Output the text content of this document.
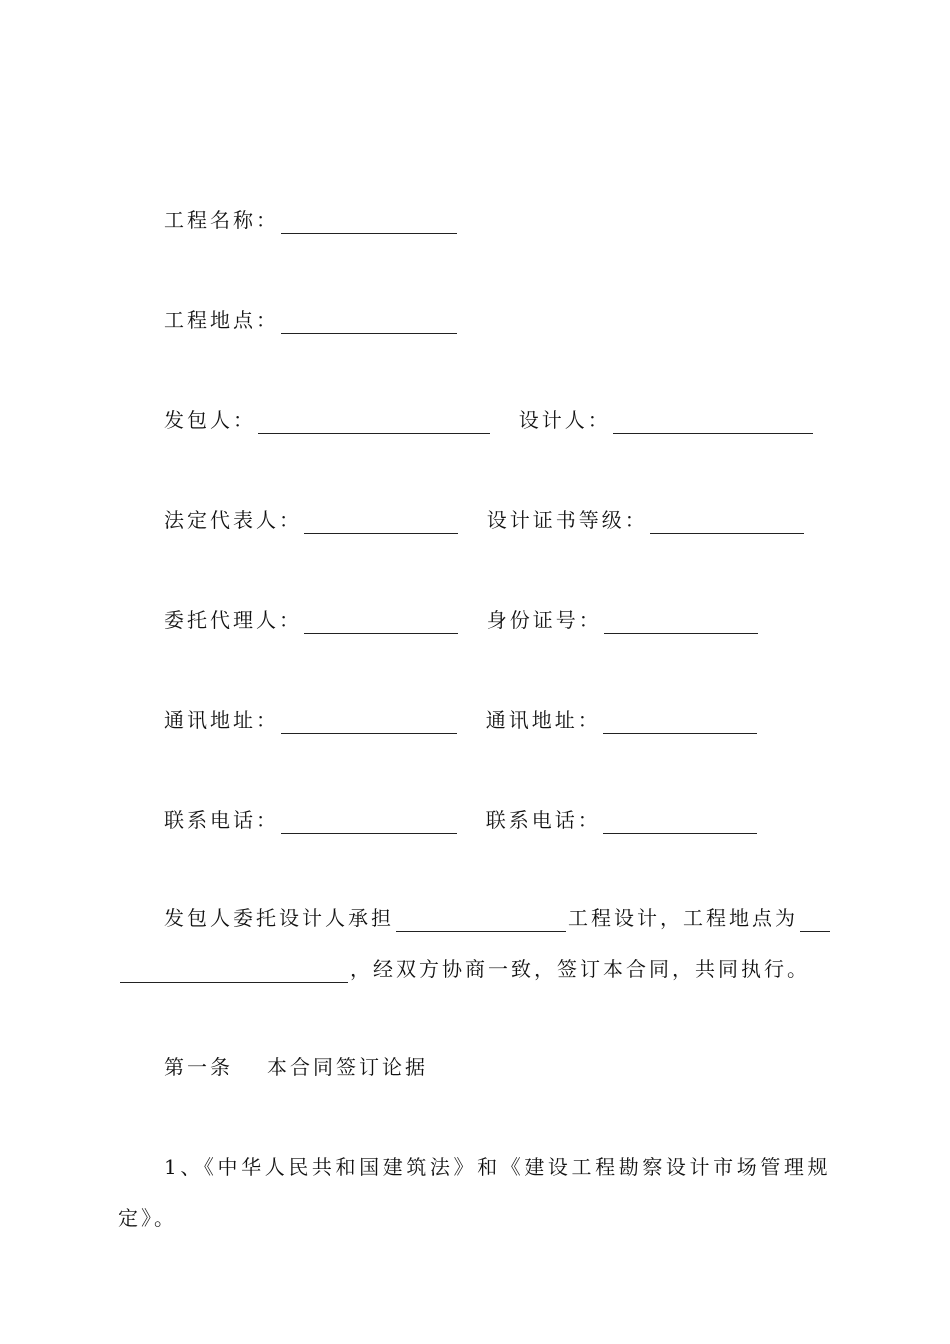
工程名称：
工程地点：
发包人：	设计人：
法定代表人：	设计证书等级：
委托代理人：	身份证号：
通讯地址：	通讯地址：
联系电话：	联系电话：
发包人委托设计人承担	工程设计，工程地点为
，经双方协商一致，签订本合同，共同执行。
第一条 本合同签订论据
1、《中华人民共和国建筑法》和《建设工程勘察设计市场管理规
定》。
